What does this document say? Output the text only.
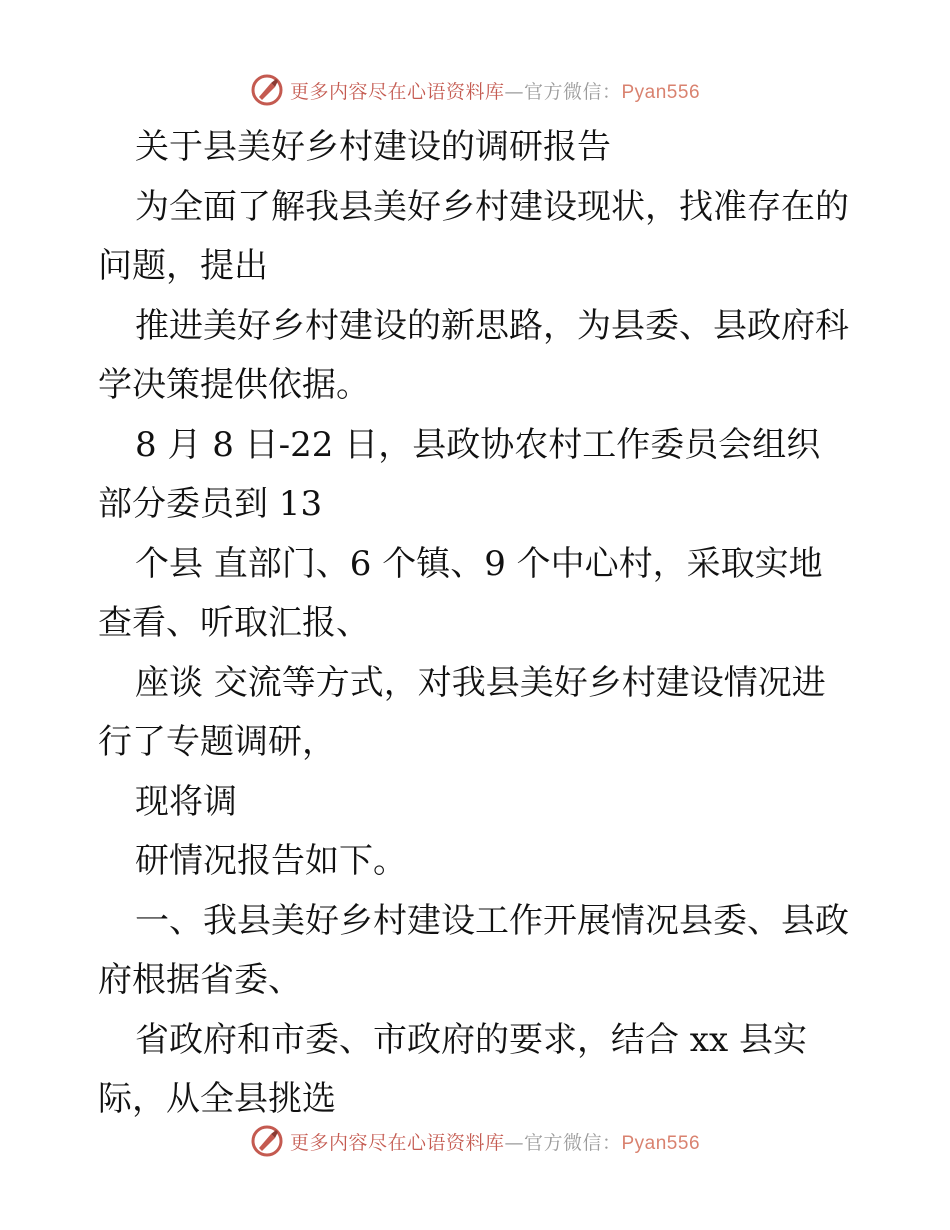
更多内容尽在心语资料库—官方微信：Pyan556

关于县美好乡村建设的调研报告

为全面了解我县美好乡村建设现状，找准存在的

问题，提出

推进美好乡村建设的新思路，为县委、县政府科

学决策提供依据。

8 月 8 日-22 日，县政协农村工作委员会组织

部分委员到 13

个县 直部门、6 个镇、9 个中心村，采取实地

查看、听取汇报、

座谈 交流等方式，对我县美好乡村建设情况进

行了专题调研，

现将调

研情况报告如下。

一、我县美好乡村建设工作开展情况县委、县政

府根据省委、

省政府和市委、市政府的要求，结合 xx 县实

际，从全县挑选

更多内容尽在心语资料库—官方微信：Pyan556
